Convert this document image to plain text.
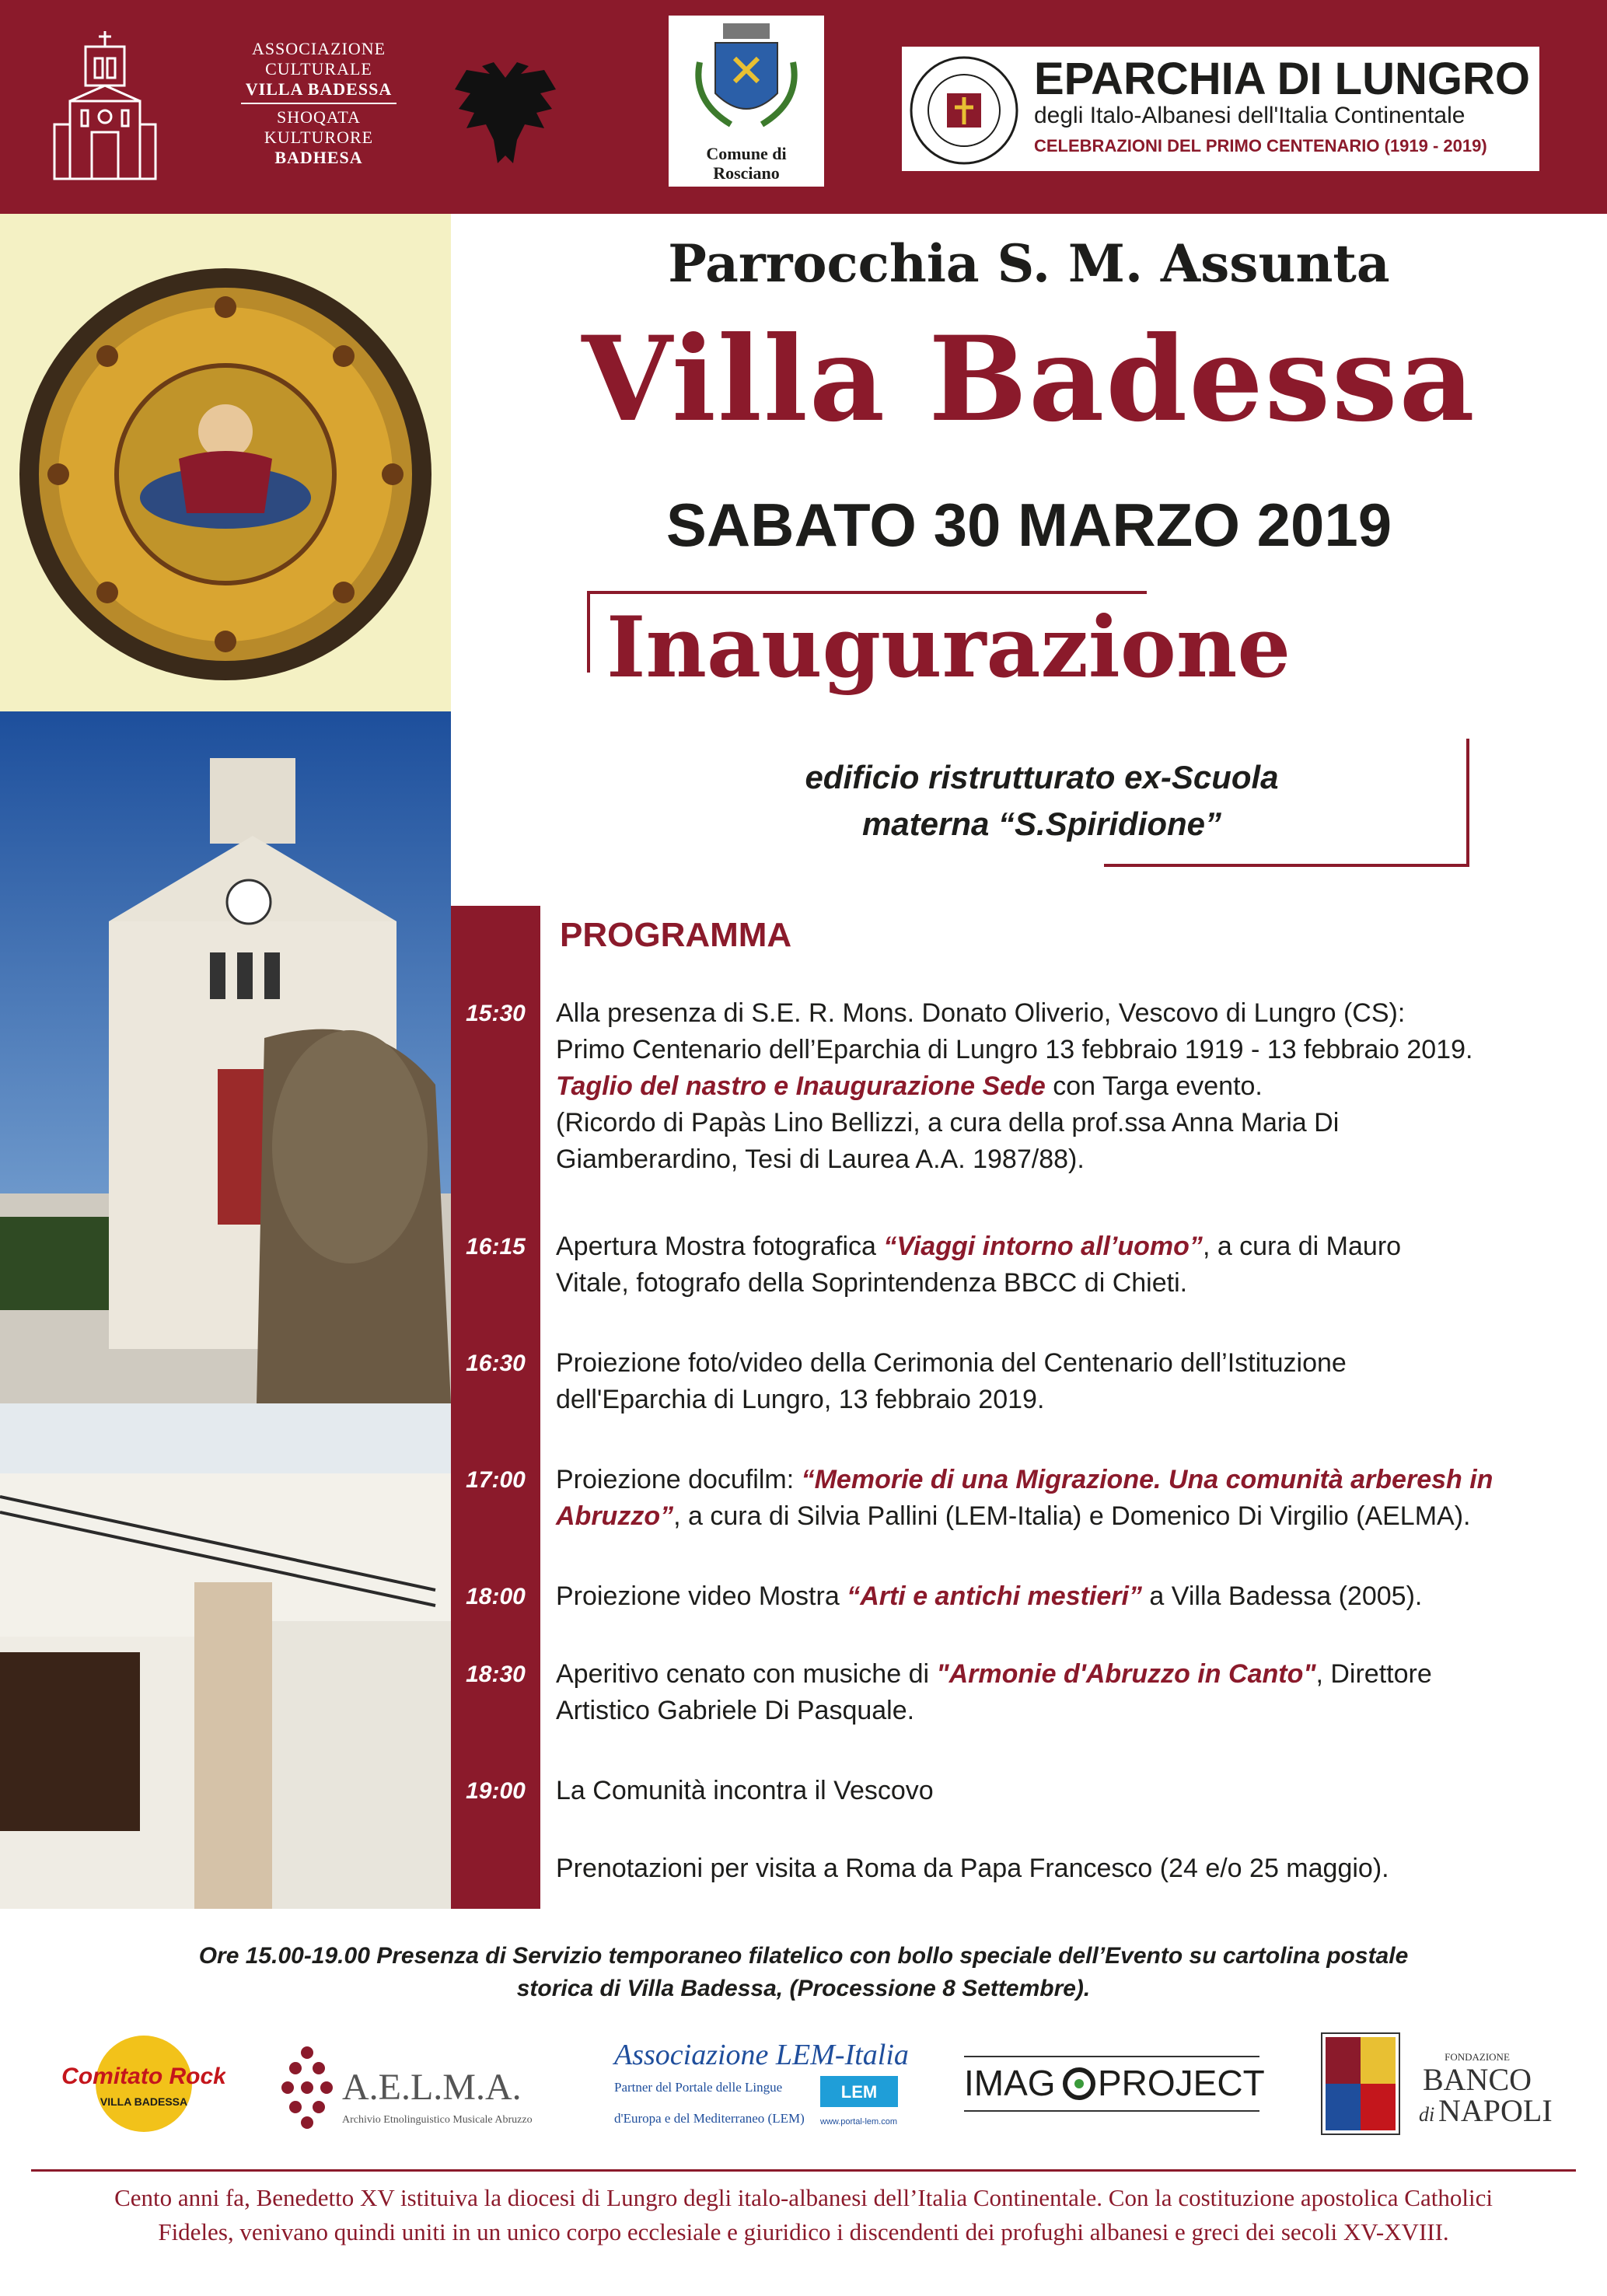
ASSOCIAZIONE
CULTURALE
VILLA BADESSA
SHOQATA
KULTURORE
BADHESA	Comune di
Rosciano
EPARCHIA DI LUNGRO
degli Italo-Albanesi dell'Italia Continentale
CELEBRAZIONI DEL PRIMO CENTENARIO (1919 - 2019)
Parrocchia S. M. Assunta
Villa Badessa
SABATO 30 MARZO 2019
Inaugurazione
edificio ristrutturato ex-Scuola
materna “S.Spiridione”
PROGRAMMA
15:30	Alla presenza di S.E. R. Mons. Donato Oliverio, Vescovo di Lungro (CS):
Primo Centenario dell’Eparchia di Lungro 13 febbraio 1919 - 13 febbraio 2019.
Taglio del nastro e Inaugurazione Sede con Targa evento.
(Ricordo di Papàs Lino Bellizzi, a cura della prof.ssa Anna Maria Di
Giamberardino, Tesi di Laurea A.A. 1987/88).
16:15	Apertura Mostra fotografica “Viaggi intorno all’uomo”, a cura di Mauro
Vitale, fotografo della Soprintendenza BBCC di Chieti.
16:30	Proiezione foto/video della Cerimonia del Centenario dell’Istituzione
dell'Eparchia di Lungro, 13 febbraio 2019.
17:00	Proiezione docufilm: “Memorie di una Migrazione. Una comunità arberesh in
Abruzzo”, a cura di Silvia Pallini (LEM-Italia) e Domenico Di Virgilio (AELMA).
18:00	Proiezione video Mostra “Arti e antichi mestieri” a Villa Badessa (2005).
18:30	Aperitivo cenato con musiche di "Armonie d'Abruzzo in Canto", Direttore
Artistico Gabriele Di Pasquale.
19:00	La Comunità incontra il Vescovo
Prenotazioni per visita a Roma da Papa Francesco (24 e/o 25 maggio).
Ore 15.00-19.00 Presenza di Servizio temporaneo filatelico con bollo speciale dell’Evento su cartolina postale
storica di Villa Badessa, (Processione 8 Settembre).
Comitato Rock
VILLA BADESSA	A.E.L.M.A.
Archivio Etnolinguistico Musicale Abruzzo
Associazione LEM-Italia
Partner del Portale delle Lingue
d'Europa e del Mediterraneo (LEM)
LEM
www.portal-lem.com
IMAG PROJECT
FONDAZIONE
BANCO
di NAPOLI
Cento anni fa, Benedetto XV istituiva la diocesi di Lungro degli italo-albanesi dell’Italia Continentale. Con la costituzione apostolica Catholici
Fideles, venivano quindi uniti in un unico corpo ecclesiale e giuridico i discendenti dei profughi albanesi e greci dei secoli XV-XVIII.
